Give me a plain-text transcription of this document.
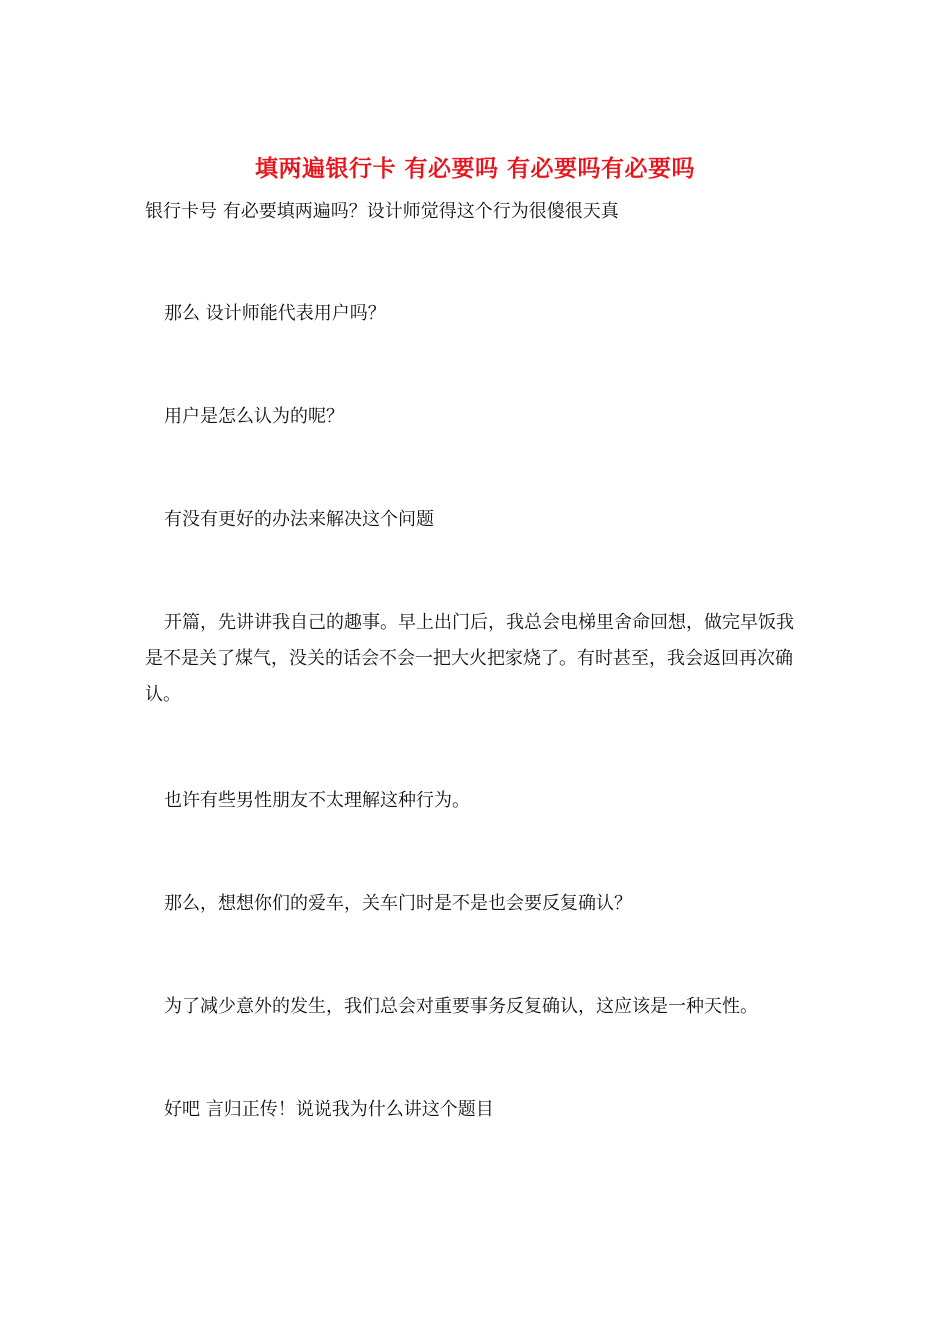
填两遍银行卡 有必要吗 有必要吗有必要吗
银行卡号 有必要填两遍吗？设计师觉得这个行为很傻很天真
那么 设计师能代表用户吗？
用户是怎么认为的呢？
有没有更好的办法来解决这个问题
开篇，先讲讲我自己的趣事。早上出门后，我总会电梯里舍命回想，做完早饭我是不是关了煤气，没关的话会不会一把大火把家烧了。有时甚至，我会返回再次确认。
也许有些男性朋友不太理解这种行为。
那么，想想你们的爱车，关车门时是不是也会要反复确认？
为了减少意外的发生，我们总会对重要事务反复确认，这应该是一种天性。
好吧 言归正传！说说我为什么讲这个题目
